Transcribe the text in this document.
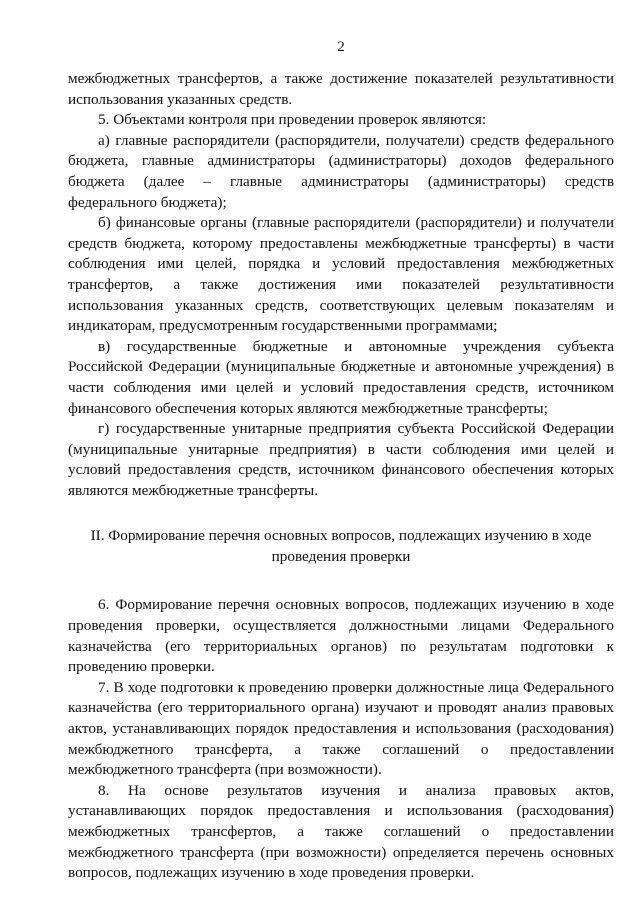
2

межбюджетных трансфертов, а также достижение показателей результативности использования указанных средств.

5. Объектами контроля при проведении проверок являются:

а) главные распорядители (распорядители, получатели) средств федерального бюджета, главные администраторы (администраторы) доходов федерального бюджета (далее – главные администраторы (администраторы) средств федерального бюджета);

б) финансовые органы (главные распорядители (распорядители) и получатели средств бюджета, которому предоставлены межбюджетные трансферты) в части соблюдения ими целей, порядка и условий предоставления межбюджетных трансфертов, а также достижения ими показателей результативности использования указанных средств, соответствующих целевым показателям и индикаторам, предусмотренным государственными программами;

в) государственные бюджетные и автономные учреждения субъекта Российской Федерации (муниципальные бюджетные и автономные учреждения) в части соблюдения ими целей и условий предоставления средств, источником финансового обеспечения которых являются межбюджетные трансферты;

г) государственные унитарные предприятия субъекта Российской Федерации (муниципальные унитарные предприятия) в части соблюдения ими целей и условий предоставления средств, источником финансового обеспечения которых являются межбюджетные трансферты.

II. Формирование перечня основных вопросов, подлежащих изучению в ходе
проведения проверки

6. Формирование перечня основных вопросов, подлежащих изучению в ходе проведения проверки, осуществляется должностными лицами Федерального казначейства (его территориальных органов) по результатам подготовки к проведению проверки.

7. В ходе подготовки к проведению проверки должностные лица Федерального казначейства (его территориального органа) изучают и проводят анализ правовых актов, устанавливающих порядок предоставления и использования (расходования) межбюджетного трансферта, а также соглашений о предоставлении межбюджетного трансферта (при возможности).

8. На основе результатов изучения и анализа правовых актов, устанавливающих порядок предоставления и использования (расходования) межбюджетных трансфертов, а также соглашений о предоставлении межбюджетного трансферта (при возможности) определяется перечень основных вопросов, подлежащих изучению в ходе проведения проверки.
